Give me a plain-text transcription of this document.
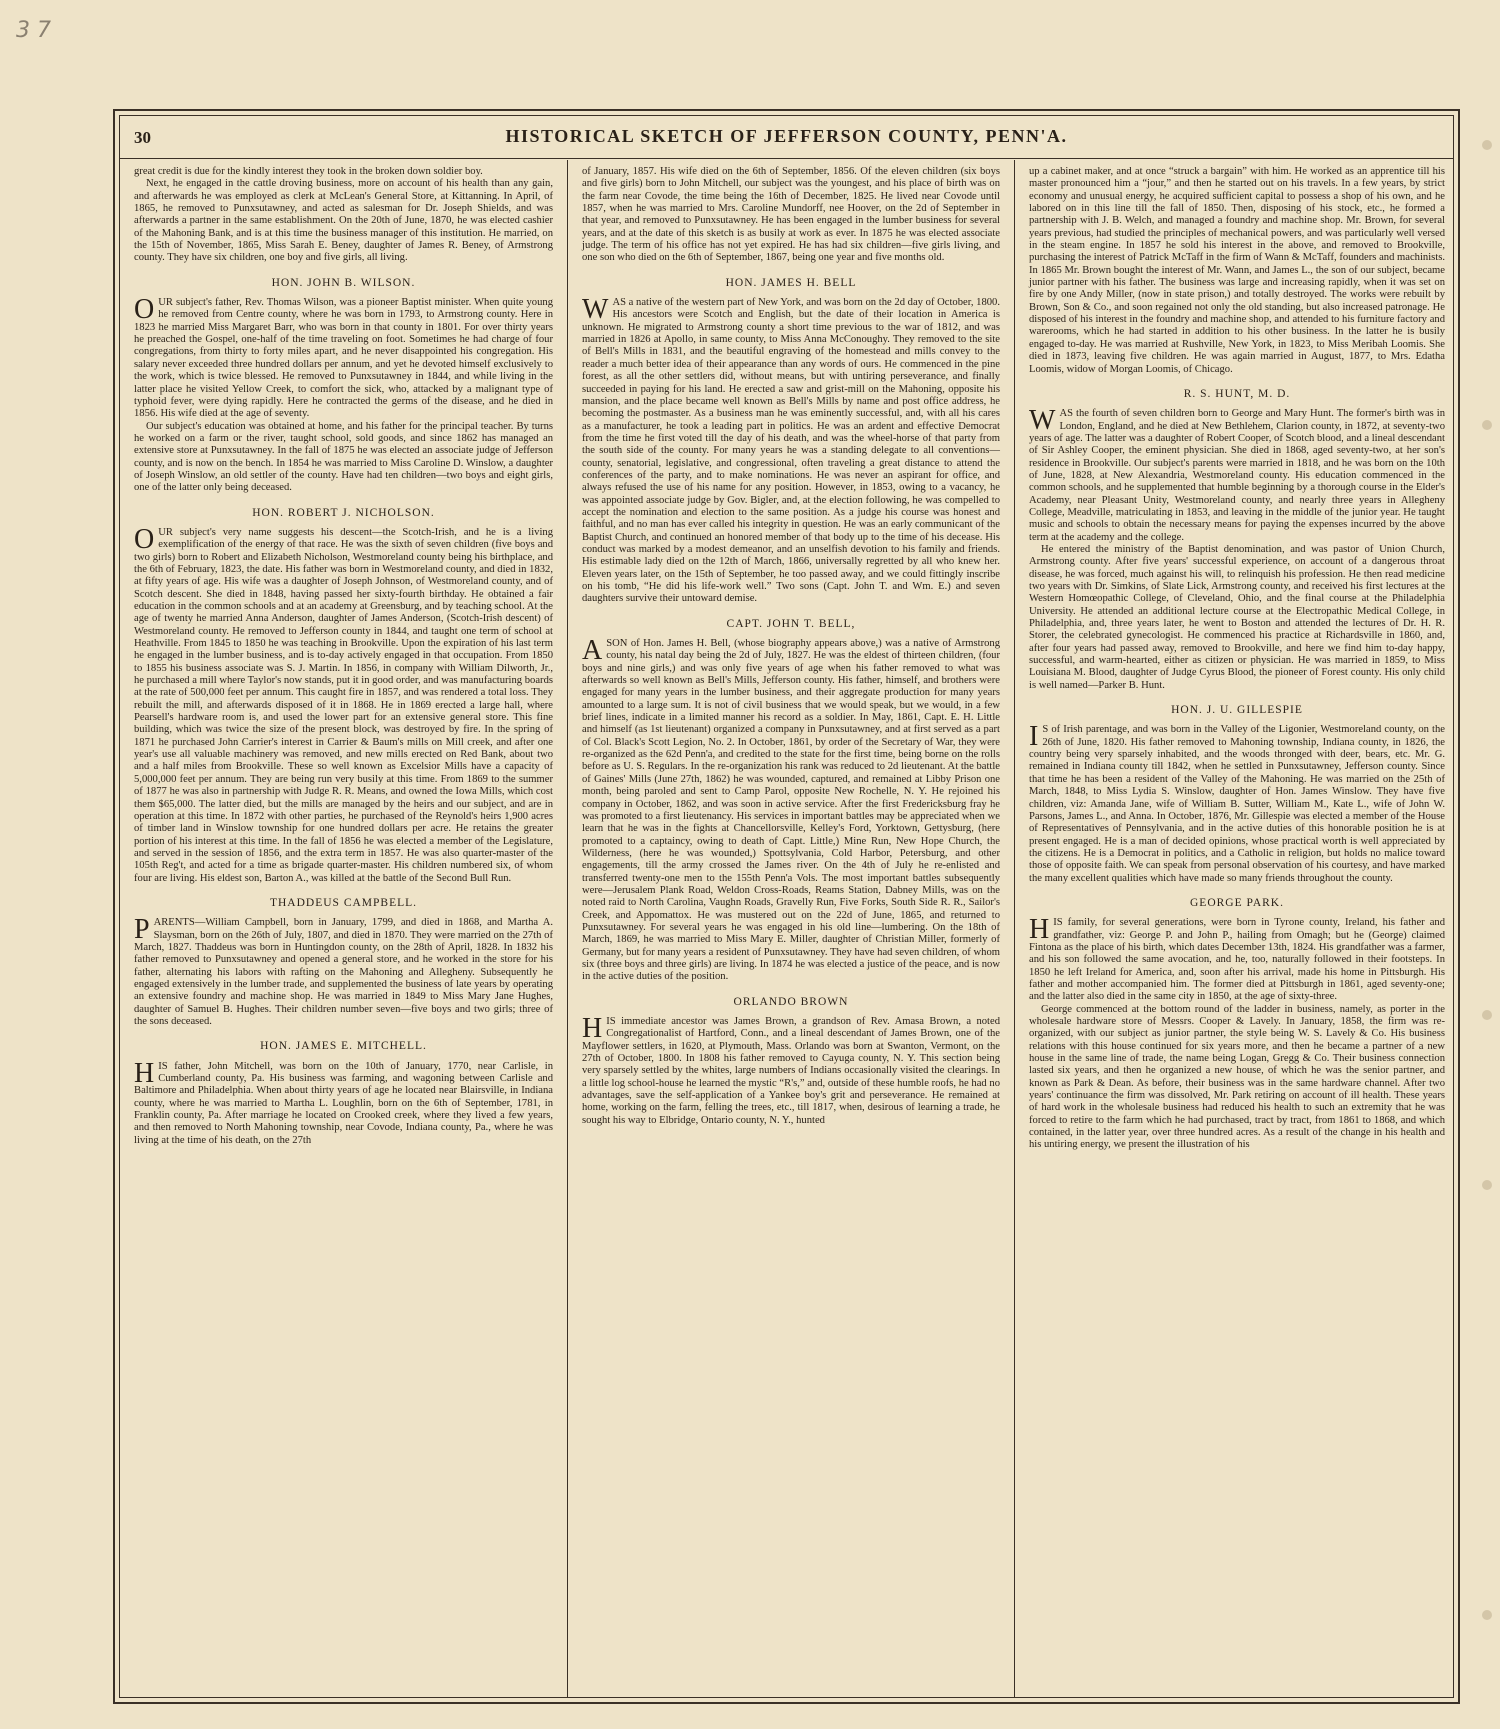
3 7
30	HISTORICAL SKETCH OF JEFFERSON COUNTY, PENN'A.

great credit is due for the kindly interest they took in the broken down soldier boy.

Next, he engaged in the cattle droving business, more on account of his health than any gain, and afterwards he was employed as clerk at McLean's General Store, at Kittanning. In April, of 1865, he removed to Punxsutawney, and acted as salesman for Dr. Joseph Shields, and was afterwards a partner in the same establishment. On the 20th of June, 1870, he was elected cashier of the Mahoning Bank, and is at this time the business manager of this institution. He married, on the 15th of November, 1865, Miss Sarah E. Beney, daughter of James R. Beney, of Armstrong county. They have six children, one boy and five girls, all living.

HON. JOHN B. WILSON.

OUR subject's father, Rev. Thomas Wilson, was a pioneer Baptist minister. When quite young he removed from Centre county, where he was born in 1793, to Armstrong county. Here in 1823 he married Miss Margaret Barr, who was born in that county in 1801. For over thirty years he preached the Gospel, one-half of the time traveling on foot. Sometimes he had charge of four congregations, from thirty to forty miles apart, and he never disappointed his congregation. His salary never exceeded three hundred dollars per annum, and yet he devoted himself exclusively to the work, which is twice blessed. He removed to Punxsutawney in 1844, and while living in the latter place he visited Yellow Creek, to comfort the sick, who, attacked by a malignant type of typhoid fever, were dying rapidly. Here he contracted the germs of the disease, and he died in 1856. His wife died at the age of seventy.

Our subject's education was obtained at home, and his father for the principal teacher. By turns he worked on a farm or the river, taught school, sold goods, and since 1862 has managed an extensive store at Punxsutawney. In the fall of 1875 he was elected an associate judge of Jefferson county, and is now on the bench. In 1854 he was married to Miss Caroline D. Winslow, a daughter of Joseph Winslow, an old settler of the county. Have had ten children—two boys and eight girls, one of the latter only being deceased.

HON. ROBERT J. NICHOLSON.

OUR subject's very name suggests his descent—the Scotch-Irish, and he is a living exemplification of the energy of that race. He was the sixth of seven children (five boys and two girls) born to Robert and Elizabeth Nicholson, Westmoreland county being his birthplace, and the 6th of February, 1823, the date. His father was born in Westmoreland county, and died in 1832, at fifty years of age. His wife was a daughter of Joseph Johnson, of Westmoreland county, and of Scotch descent. She died in 1848, having passed her sixty-fourth birthday. He obtained a fair education in the common schools and at an academy at Greensburg, and by teaching school. At the age of twenty he married Anna Anderson, daughter of James Anderson, (Scotch-Irish descent) of Westmoreland county. He removed to Jefferson county in 1844, and taught one term of school at Heathville. From 1845 to 1850 he was teaching in Brookville. Upon the expiration of his last term he engaged in the lumber business, and is to-day actively engaged in that occupation. From 1850 to 1855 his business associate was S. J. Martin. In 1856, in company with William Dilworth, Jr., he purchased a mill where Taylor's now stands, put it in good order, and was manufacturing boards at the rate of 500,000 feet per annum. This caught fire in 1857, and was rendered a total loss. They rebuilt the mill, and afterwards disposed of it in 1868. He in 1869 erected a large hall, where Pearsell's hardware room is, and used the lower part for an extensive general store. This fine building, which was twice the size of the present block, was destroyed by fire. In the spring of 1871 he purchased John Carrier's interest in Carrier & Baum's mills on Mill creek, and after one year's use all valuable machinery was removed, and new mills erected on Red Bank, about two and a half miles from Brookville. These so well known as Excelsior Mills have a capacity of 5,000,000 feet per annum. They are being run very busily at this time. From 1869 to the summer of 1877 he was also in partnership with Judge R. R. Means, and owned the Iowa Mills, which cost them $65,000. The latter died, but the mills are managed by the heirs and our subject, and are in operation at this time. In 1872 with other parties, he purchased of the Reynold's heirs 1,900 acres of timber land in Winslow township for one hundred dollars per acre. He retains the greater portion of his interest at this time. In the fall of 1856 he was elected a member of the Legislature, and served in the session of 1856, and the extra term in 1857. He was also quarter-master of the 105th Reg't, and acted for a time as brigade quarter-master. His children numbered six, of whom four are living. His eldest son, Barton A., was killed at the battle of the Second Bull Run.

THADDEUS CAMPBELL.

PARENTS—William Campbell, born in January, 1799, and died in 1868, and Martha A. Slaysman, born on the 26th of July, 1807, and died in 1870. They were married on the 27th of March, 1827. Thaddeus was born in Huntingdon county, on the 28th of April, 1828. In 1832 his father removed to Punxsutawney and opened a general store, and he worked in the store for his father, alternating his labors with rafting on the Mahoning and Allegheny. Subsequently he engaged extensively in the lumber trade, and supplemented the business of late years by operating an extensive foundry and machine shop. He was married in 1849 to Miss Mary Jane Hughes, daughter of Samuel B. Hughes. Their children number seven—five boys and two girls; three of the sons deceased.

HON. JAMES E. MITCHELL.

HIS father, John Mitchell, was born on the 10th of January, 1770, near Carlisle, in Cumberland county, Pa. His business was farming, and wagoning between Carlisle and Baltimore and Philadelphia. When about thirty years of age he located near Blairsville, in Indiana county, where he was married to Martha L. Loughlin, born on the 6th of September, 1781, in Franklin county, Pa. After marriage he located on Crooked creek, where they lived a few years, and then removed to North Mahoning township, near Covode, Indiana county, Pa., where he was living at the time of his death, on the 27th

of January, 1857. His wife died on the 6th of September, 1856. Of the eleven children (six boys and five girls) born to John Mitchell, our subject was the youngest, and his place of birth was on the farm near Covode, the time being the 16th of December, 1825. He lived near Covode until 1857, when he was married to Mrs. Caroline Mundorff, nee Hoover, on the 2d of September in that year, and removed to Punxsutawney. He has been engaged in the lumber business for several years, and at the date of this sketch is as busily at work as ever. In 1875 he was elected associate judge. The term of his office has not yet expired. He has had six children—five girls living, and one son who died on the 6th of September, 1867, being one year and five months old.

HON. JAMES H. BELL

WAS a native of the western part of New York, and was born on the 2d day of October, 1800. His ancestors were Scotch and English, but the date of their location in America is unknown. He migrated to Armstrong county a short time previous to the war of 1812, and was married in 1826 at Apollo, in same county, to Miss Anna McConoughy. They removed to the site of Bell's Mills in 1831, and the beautiful engraving of the homestead and mills convey to the reader a much better idea of their appearance than any words of ours. He commenced in the pine forest, as all the other settlers did, without means, but with untiring perseverance, and finally succeeded in paying for his land. He erected a saw and grist-mill on the Mahoning, opposite his mansion, and the place became well known as Bell's Mills by name and post office address, he becoming the postmaster. As a business man he was eminently successful, and, with all his cares as a manufacturer, he took a leading part in politics. He was an ardent and effective Democrat from the time he first voted till the day of his death, and was the wheel-horse of that party from the south side of the county. For many years he was a standing delegate to all conventions—county, senatorial, legislative, and congressional, often traveling a great distance to attend the conferences of the party, and to make nominations. He was never an aspirant for office, and always refused the use of his name for any position. However, in 1853, owing to a vacancy, he was appointed associate judge by Gov. Bigler, and, at the election following, he was compelled to accept the nomination and election to the same position. As a judge his course was honest and faithful, and no man has ever called his integrity in question. He was an early communicant of the Baptist Church, and continued an honored member of that body up to the time of his decease. His conduct was marked by a modest demeanor, and an unselfish devotion to his family and friends. His estimable lady died on the 12th of March, 1866, universally regretted by all who knew her. Eleven years later, on the 15th of September, he too passed away, and we could fittingly inscribe on his tomb, “He did his life-work well.” Two sons (Capt. John T. and Wm. E.) and seven daughters survive their untoward demise.

CAPT. JOHN T. BELL,

ASON of Hon. James H. Bell, (whose biography appears above,) was a native of Armstrong county, his natal day being the 2d of July, 1827. He was the eldest of thirteen children, (four boys and nine girls,) and was only five years of age when his father removed to what was afterwards so well known as Bell's Mills, Jefferson county. His father, himself, and brothers were engaged for many years in the lumber business, and their aggregate production for many years amounted to a large sum. It is not of civil business that we would speak, but we would, in a few brief lines, indicate in a limited manner his record as a soldier. In May, 1861, Capt. E. H. Little and himself (as 1st lieutenant) organized a company in Punxsutawney, and at first served as a part of Col. Black's Scott Legion, No. 2. In October, 1861, by order of the Secretary of War, they were re-organized as the 62d Penn'a, and credited to the state for the first time, being borne on the rolls before as U. S. Regulars. In the re-organization his rank was reduced to 2d lieutenant. At the battle of Gaines' Mills (June 27th, 1862) he was wounded, captured, and remained at Libby Prison one month, being paroled and sent to Camp Parol, opposite New Rochelle, N. Y. He rejoined his company in October, 1862, and was soon in active service. After the first Fredericksburg fray he was promoted to a first lieutenancy. His services in important battles may be appreciated when we learn that he was in the fights at Chancellorsville, Kelley's Ford, Yorktown, Gettysburg, (here promoted to a captaincy, owing to death of Capt. Little,) Mine Run, New Hope Church, the Wilderness, (here he was wounded,) Spottsylvania, Cold Harbor, Petersburg, and other engagements, till the army crossed the James river. On the 4th of July he re-enlisted and transferred twenty-one men to the 155th Penn'a Vols. The most important battles subsequently were—Jerusalem Plank Road, Weldon Cross-Roads, Reams Station, Dabney Mills, was on the noted raid to North Carolina, Vaughn Roads, Gravelly Run, Five Forks, South Side R. R., Sailor's Creek, and Appomattox. He was mustered out on the 22d of June, 1865, and returned to Punxsutawney. For several years he was engaged in his old line—lumbering. On the 18th of March, 1869, he was married to Miss Mary E. Miller, daughter of Christian Miller, formerly of Germany, but for many years a resident of Punxsutawney. They have had seven children, of whom six (three boys and three girls) are living. In 1874 he was elected a justice of the peace, and is now in the active duties of the position.

ORLANDO BROWN

HIS immediate ancestor was James Brown, a grandson of Rev. Amasa Brown, a noted Congregationalist of Hartford, Conn., and a lineal descendant of James Brown, one of the Mayflower settlers, in 1620, at Plymouth, Mass. Orlando was born at Swanton, Vermont, on the 27th of October, 1800. In 1808 his father removed to Cayuga county, N. Y. This section being very sparsely settled by the whites, large numbers of Indians occasionally visited the clearings. In a little log school-house he learned the mystic “R's,” and, outside of these humble roofs, he had no advantages, save the self-application of a Yankee boy's grit and perseverance. He remained at home, working on the farm, felling the trees, etc., till 1817, when, desirous of learning a trade, he sought his way to Elbridge, Ontario county, N. Y., hunted

up a cabinet maker, and at once “struck a bargain” with him. He worked as an apprentice till his master pronounced him a “jour,” and then he started out on his travels. In a few years, by strict economy and unusual energy, he acquired sufficient capital to possess a shop of his own, and he labored on in this line till the fall of 1850. Then, disposing of his stock, etc., he formed a partnership with J. B. Welch, and managed a foundry and machine shop. Mr. Brown, for several years previous, had studied the principles of mechanical powers, and was particularly well versed in the steam engine. In 1857 he sold his interest in the above, and removed to Brookville, purchasing the interest of Patrick McTaff in the firm of Wann & McTaff, founders and machinists. In 1865 Mr. Brown bought the interest of Mr. Wann, and James L., the son of our subject, became junior partner with his father. The business was large and increasing rapidly, when it was set on fire by one Andy Miller, (now in state prison,) and totally destroyed. The works were rebuilt by Brown, Son & Co., and soon regained not only the old standing, but also increased patronage. He disposed of his interest in the foundry and machine shop, and attended to his furniture factory and warerooms, which he had started in addition to his other business. In the latter he is busily engaged to-day. He was married at Rushville, New York, in 1823, to Miss Meribah Loomis. She died in 1873, leaving five children. He was again married in August, 1877, to Mrs. Edatha Loomis, widow of Morgan Loomis, of Chicago.

R. S. HUNT, M. D.

WAS the fourth of seven children born to George and Mary Hunt. The former's birth was in London, England, and he died at New Bethlehem, Clarion county, in 1872, at seventy-two years of age. The latter was a daughter of Robert Cooper, of Scotch blood, and a lineal descendant of Sir Ashley Cooper, the eminent physician. She died in 1868, aged seventy-two, at her son's residence in Brookville. Our subject's parents were married in 1818, and he was born on the 10th of June, 1828, at New Alexandria, Westmoreland county. His education commenced in the common schools, and he supplemented that humble beginning by a thorough course in the Elder's Academy, near Pleasant Unity, Westmoreland county, and nearly three years in Allegheny College, Meadville, matriculating in 1853, and leaving in the middle of the junior year. He taught music and schools to obtain the necessary means for paying the expenses incurred by the above term at the academy and the college.

He entered the ministry of the Baptist denomination, and was pastor of Union Church, Armstrong county. After five years' successful experience, on account of a dangerous throat disease, he was forced, much against his will, to relinquish his profession. He then read medicine two years with Dr. Simkins, of Slate Lick, Armstrong county, and received his first lectures at the Western Homœopathic College, of Cleveland, Ohio, and the final course at the Philadelphia University. He attended an additional lecture course at the Electropathic Medical College, in Philadelphia, and, three years later, he went to Boston and attended the lectures of Dr. H. R. Storer, the celebrated gynecologist. He commenced his practice at Richardsville in 1860, and, after four years had passed away, removed to Brookville, and here we find him to-day happy, successful, and warm-hearted, either as citizen or physician. He was married in 1859, to Miss Louisiana M. Blood, daughter of Judge Cyrus Blood, the pioneer of Forest county. His only child is well named—Parker B. Hunt.

HON. J. U. GILLESPIE

IS of Irish parentage, and was born in the Valley of the Ligonier, Westmoreland county, on the 26th of June, 1820. His father removed to Mahoning township, Indiana county, in 1826, the country being very sparsely inhabited, and the woods thronged with deer, bears, etc. Mr. G. remained in Indiana county till 1842, when he settled in Punxsutawney, Jefferson county. Since that time he has been a resident of the Valley of the Mahoning. He was married on the 25th of March, 1848, to Miss Lydia S. Winslow, daughter of Hon. James Winslow. They have five children, viz: Amanda Jane, wife of William B. Sutter, William M., Kate L., wife of John W. Parsons, James L., and Anna. In October, 1876, Mr. Gillespie was elected a member of the House of Representatives of Pennsylvania, and in the active duties of this honorable position he is at present engaged. He is a man of decided opinions, whose practical worth is well appreciated by the citizens. He is a Democrat in politics, and a Catholic in religion, but holds no malice toward those of opposite faith. We can speak from personal observation of his courtesy, and have marked the many excellent qualities which have made so many friends throughout the county.

GEORGE PARK.

HIS family, for several generations, were born in Tyrone county, Ireland, his father and grandfather, viz: George P. and John P., hailing from Omagh; but he (George) claimed Fintona as the place of his birth, which dates December 13th, 1824. His grandfather was a farmer, and his son followed the same avocation, and he, too, naturally followed in their footsteps. In 1850 he left Ireland for America, and, soon after his arrival, made his home in Pittsburgh. His father and mother accompanied him. The former died at Pittsburgh in 1861, aged seventy-one; and the latter also died in the same city in 1850, at the age of sixty-three.

George commenced at the bottom round of the ladder in business, namely, as porter in the wholesale hardware store of Messrs. Cooper & Lavely. In January, 1858, the firm was re-organized, with our subject as junior partner, the style being W. S. Lavely & Co. His business relations with this house continued for six years more, and then he became a partner of a new house in the same line of trade, the name being Logan, Gregg & Co. Their business connection lasted six years, and then he organized a new house, of which he was the senior partner, and known as Park & Dean. As before, their business was in the same hardware channel. After two years' continuance the firm was dissolved, Mr. Park retiring on account of ill health. These years of hard work in the wholesale business had reduced his health to such an extremity that he was forced to retire to the farm which he had purchased, tract by tract, from 1861 to 1868, and which contained, in the latter year, over three hundred acres. As a result of the change in his health and his untiring energy, we present the illustration of his
